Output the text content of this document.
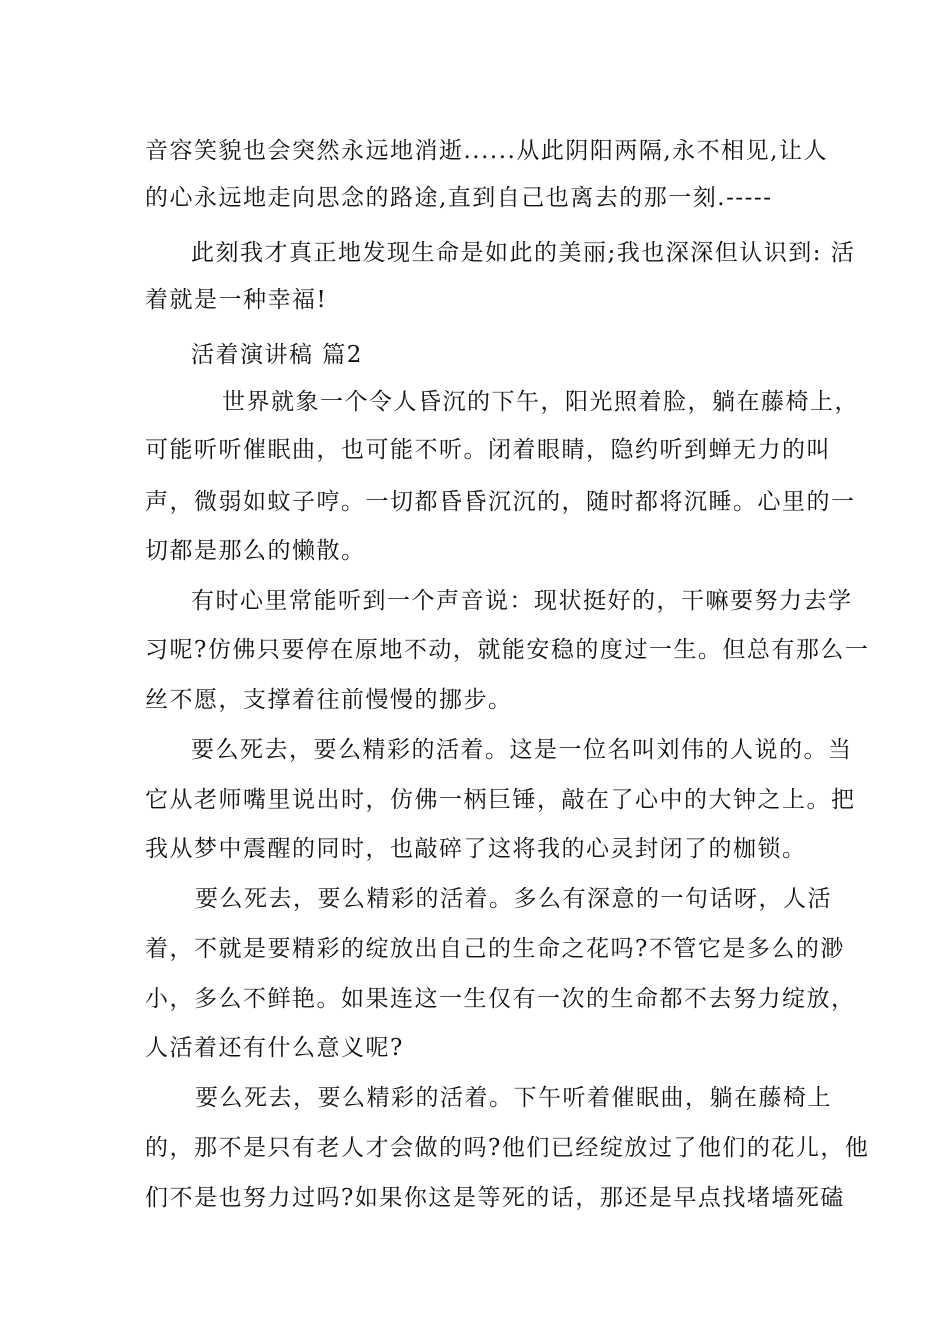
音容笑貌也会突然永远地消逝......从此阴阳两隔,永不相见,让人
的心永远地走向思念的路途,直到自己也离去的那一刻.-----
此刻我才真正地发现生命是如此的美丽;我也深深但认识到: 活
着就是一种幸福!
活着演讲稿 篇2
世界就象一个令人昏沉的下午，阳光照着脸，躺在藤椅上，
可能听听催眠曲，也可能不听。闭着眼睛，隐约听到蝉无力的叫
声，微弱如蚊子哼。一切都昏昏沉沉的，随时都将沉睡。心里的一
切都是那么的懒散。
有时心里常能听到一个声音说：现状挺好的，干嘛要努力去学
习呢?仿佛只要停在原地不动，就能安稳的度过一生。但总有那么一
丝不愿，支撑着往前慢慢的挪步。
要么死去，要么精彩的活着。这是一位名叫刘伟的人说的。当
它从老师嘴里说出时，仿佛一柄巨锤，敲在了心中的大钟之上。把
我从梦中震醒的同时，也敲碎了这将我的心灵封闭了的枷锁。
要么死去，要么精彩的活着。多么有深意的一句话呀，人活
着，不就是要精彩的绽放出自己的生命之花吗?不管它是多么的渺
小，多么不鲜艳。如果连这一生仅有一次的生命都不去努力绽放，
人活着还有什么意义呢?
要么死去，要么精彩的活着。下午听着催眠曲，躺在藤椅上
的，那不是只有老人才会做的吗?他们已经绽放过了他们的花儿，他
们不是也努力过吗?如果你这是等死的话，那还是早点找堵墙死磕
